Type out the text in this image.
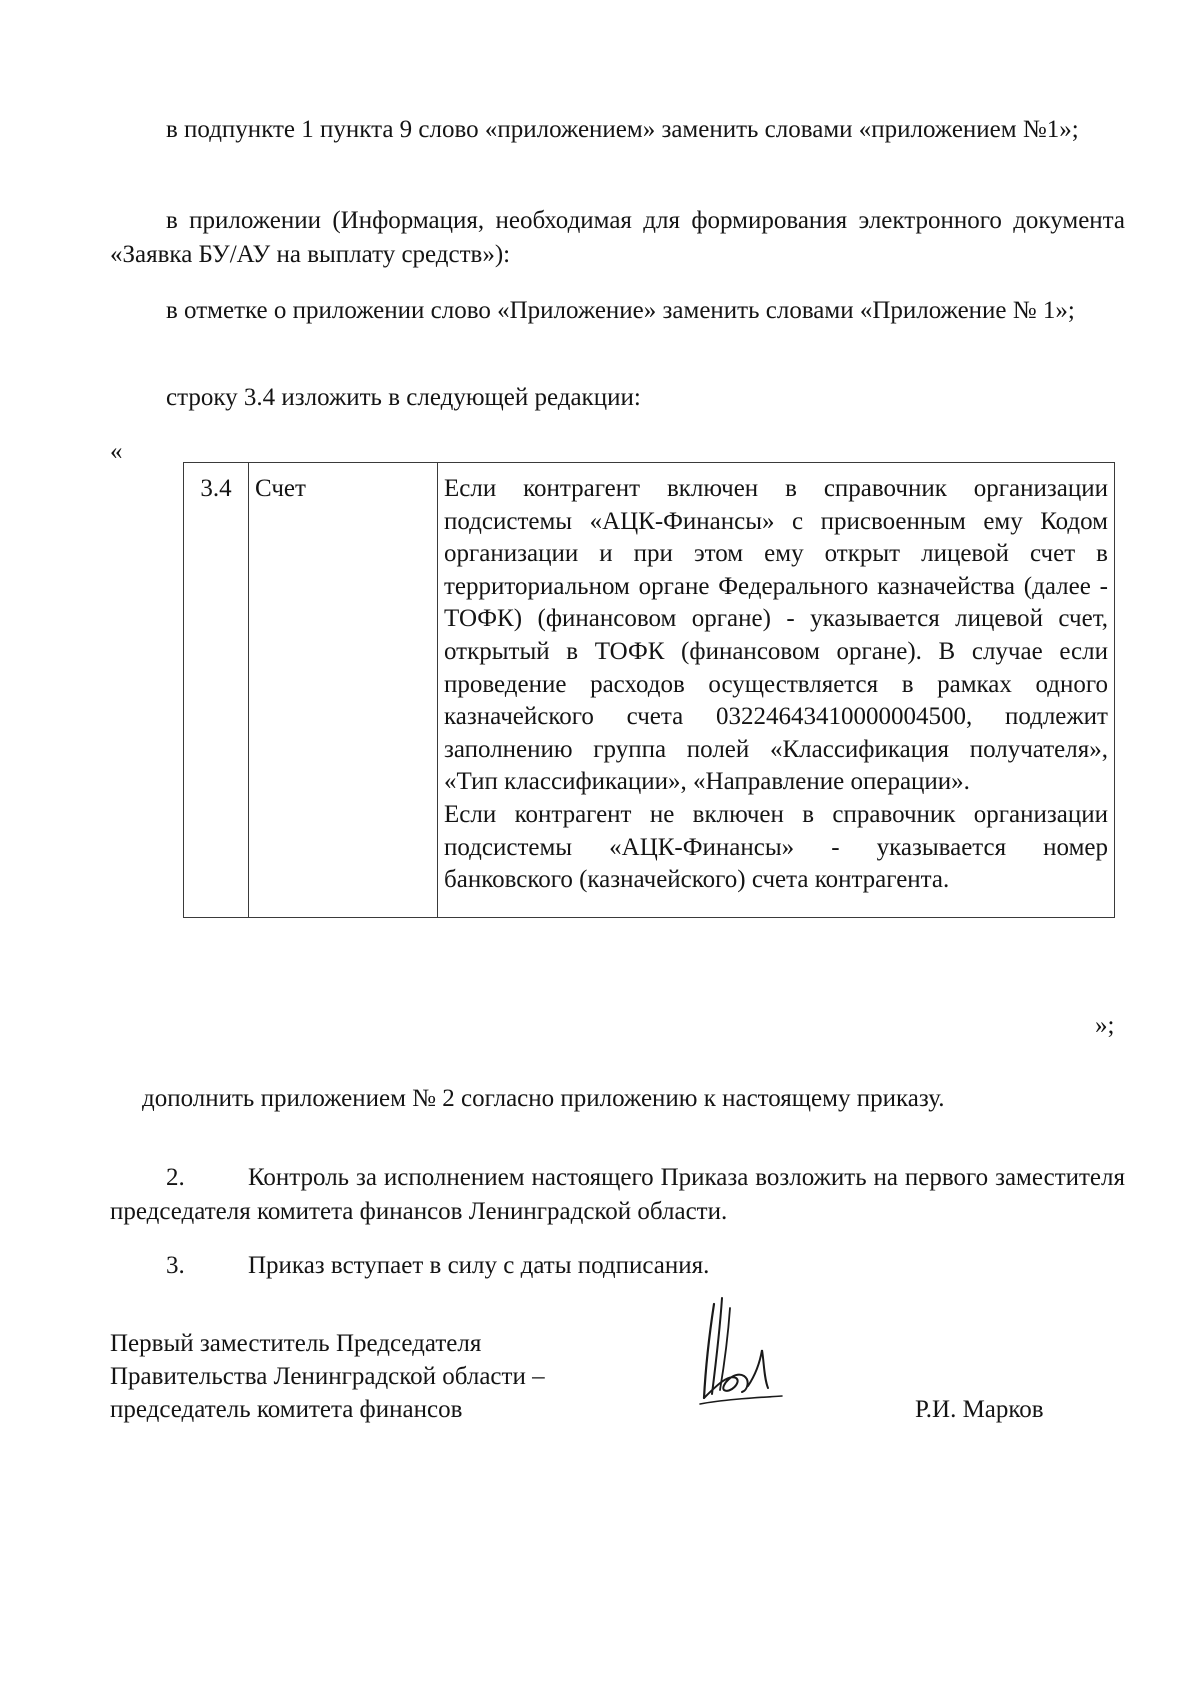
в подпункте 1 пункта 9 слово «приложением» заменить словами «приложением №1»;

в приложении (Информация, необходимая для формирования электронного документа «Заявка БУ/АУ на выплату средств»):

в отметке о приложении слово «Приложение» заменить словами «Приложение № 1»;

строку 3.4 изложить в следующей редакции:

«
3.4	Счет	Если контрагент включен в справочник организации подсистемы «АЦК-Финансы» с присвоенным ему Кодом организации и при этом ему открыт лицевой счет в территориальном органе Федерального казначейства (далее - ТОФК) (финансовом органе) - указывается лицевой счет, открытый в ТОФК (финансовом органе). В случае если проведение расходов осуществляется в рамках одного казначейского счета 03224643410000004500, подлежит заполнению группа полей «Классификация получателя», «Тип классификации», «Направление операции».

Если контрагент не включен в справочник организации подсистемы «АЦК-Финансы» - указывается номер банковского (казначейского) счета контрагента.

»;

дополнить приложением № 2 согласно приложению к настоящему приказу.

2.	Контроль за исполнением настоящего Приказа возложить на первого заместителя председателя комитета финансов Ленинградской области.

3.	Приказ вступает в силу с даты подписания.

Первый заместитель Председателя
Правительства Ленинградской области –
председатель комитета финансов	Р.И. Марков
